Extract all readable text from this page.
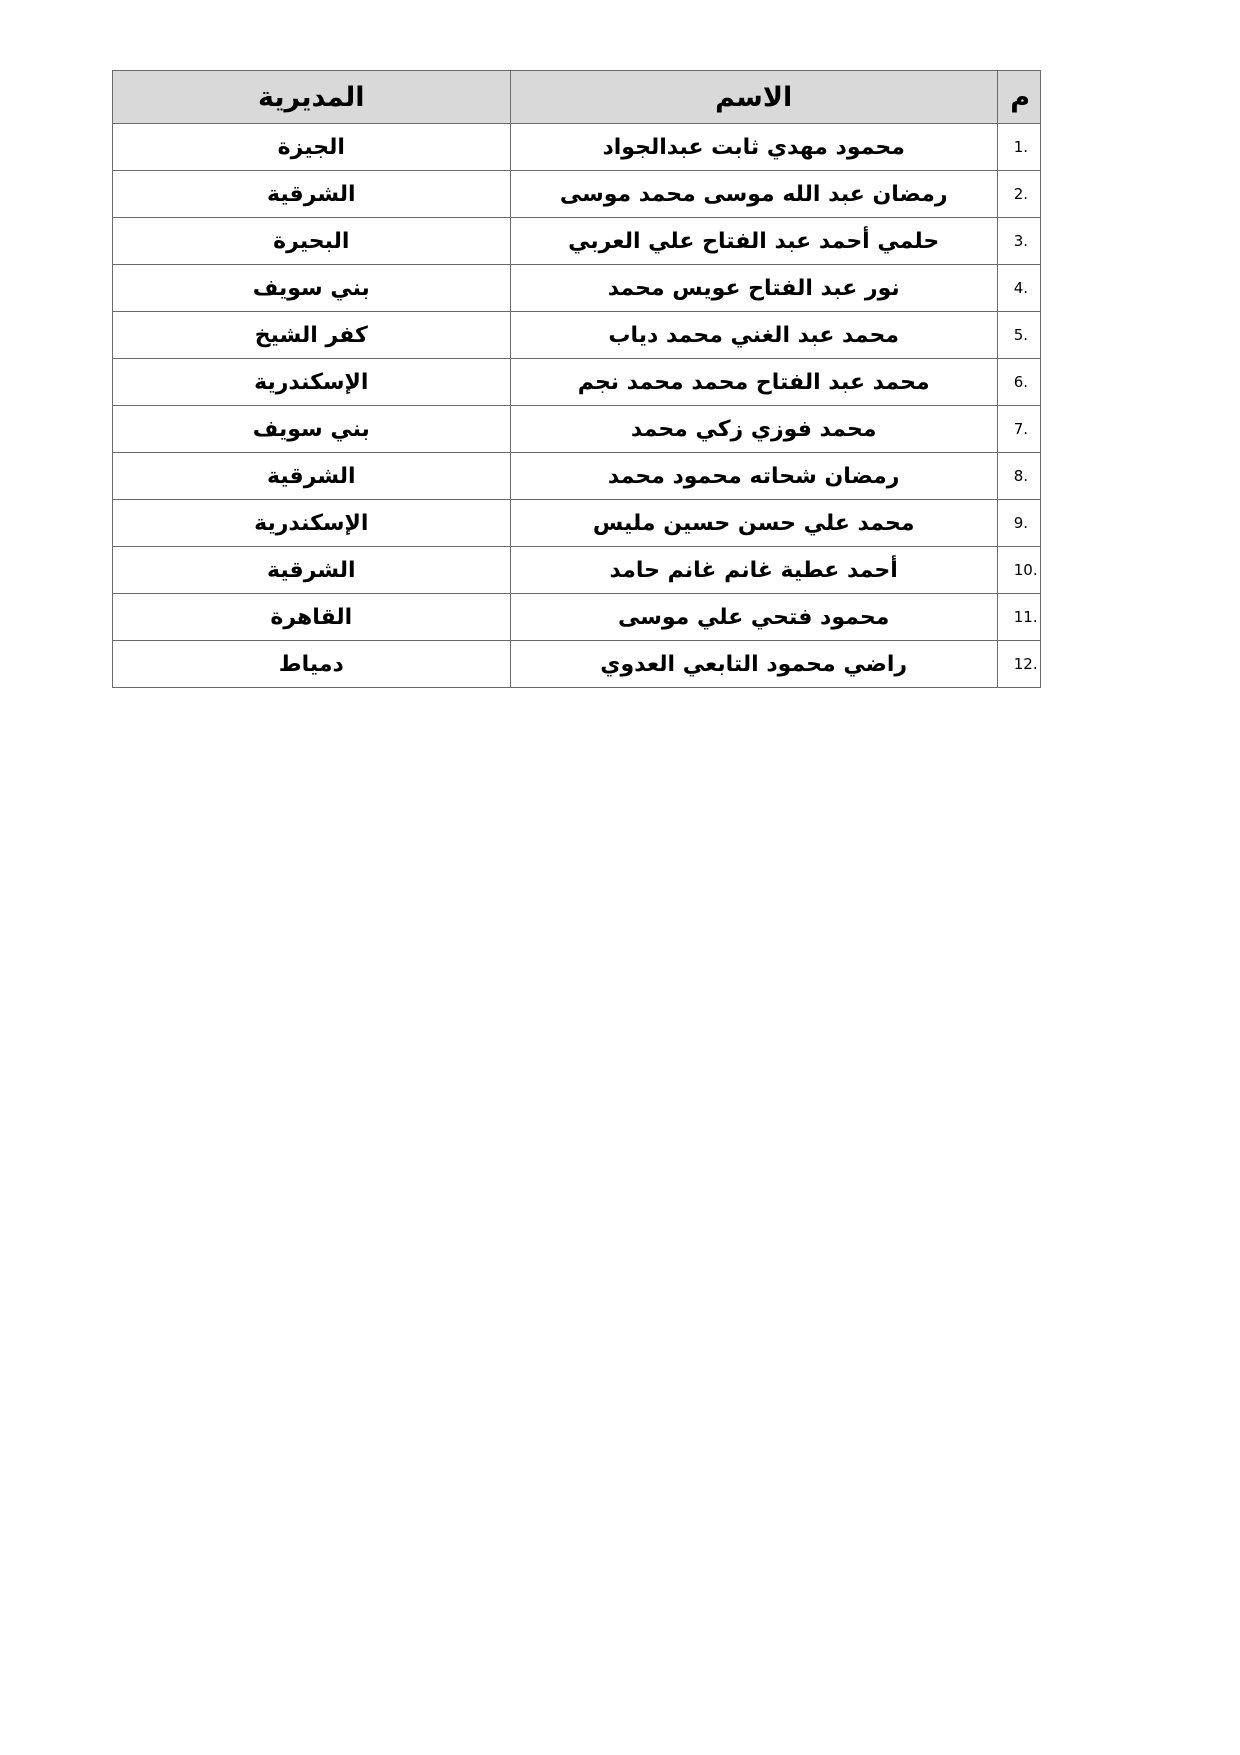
م	الاسم	المديرية
1.	محمود مهدي ثابت عبدالجواد	الجيزة
2.	رمضان عبد الله موسى محمد موسى	الشرقية
3.	حلمي أحمد عبد الفتاح علي العربي	البحيرة
4.	نور عبد الفتاح عويس محمد	بني سويف
5.	محمد عبد الغني محمد دياب	كفر الشيخ
6.	محمد عبد الفتاح محمد محمد نجم	الإسكندرية
7.	محمد فوزي زكي محمد	بني سويف
8.	رمضان شحاته محمود محمد	الشرقية
9.	محمد علي حسن حسين مليس	الإسكندرية
10.	أحمد عطية غانم غانم حامد	الشرقية
11.	محمود فتحي علي موسى	القاهرة
12.	راضي محمود التابعي العدوي	دمياط
